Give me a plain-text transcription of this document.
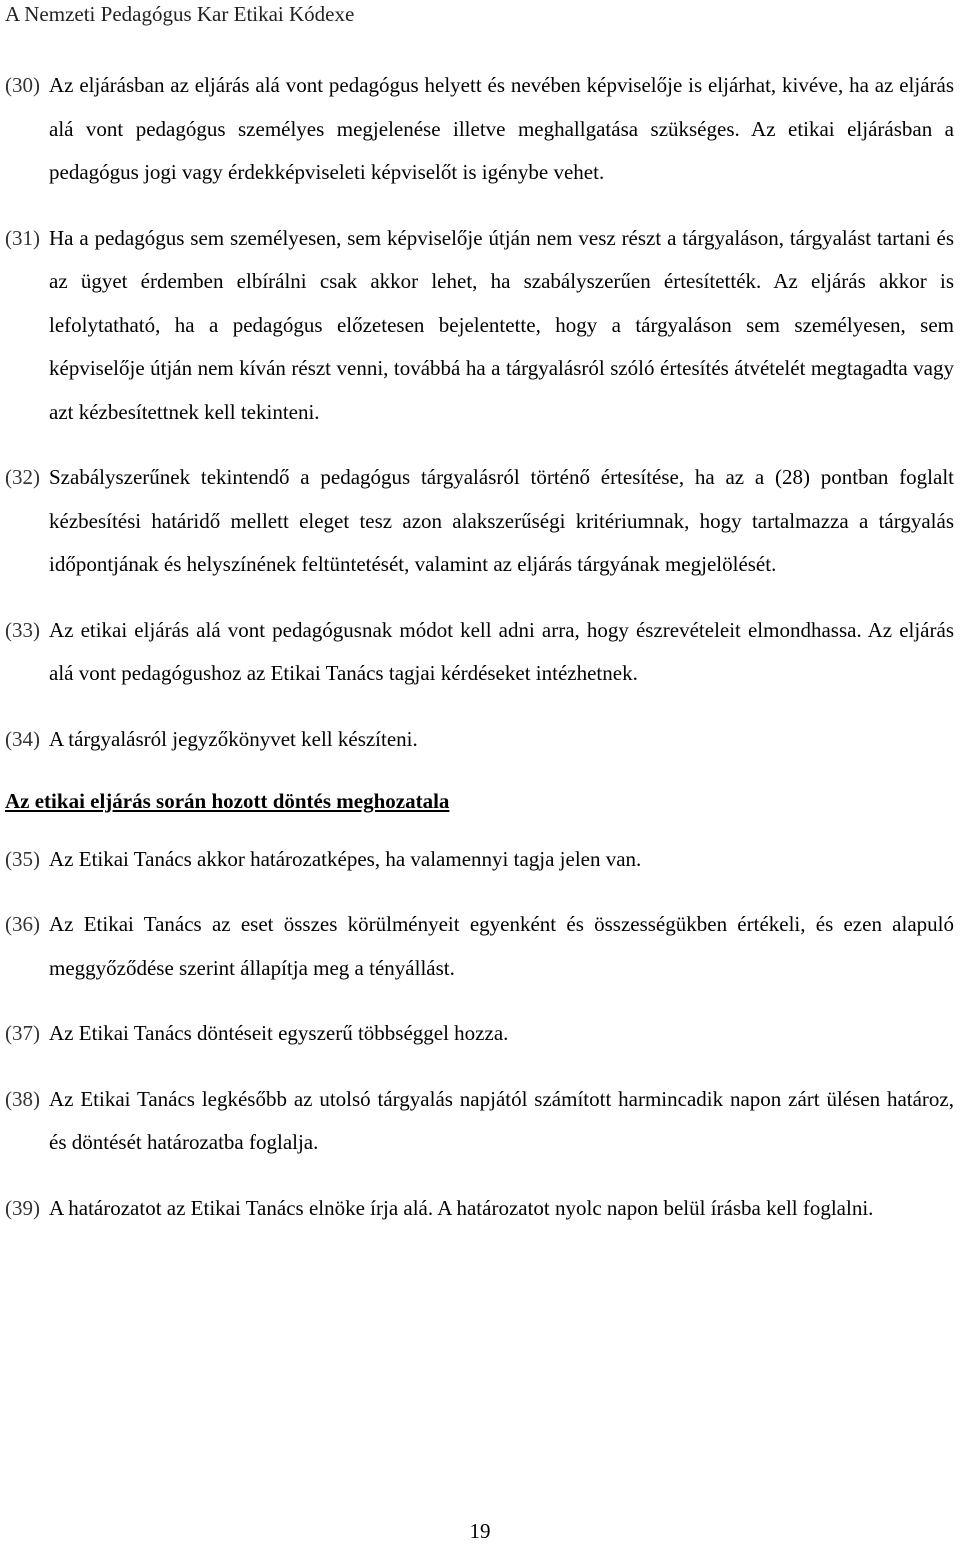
A Nemzeti Pedagógus Kar Etikai Kódexe
(30) Az eljárásban az eljárás alá vont pedagógus helyett és nevében képviselője is eljárhat, kivéve, ha az eljárás alá vont pedagógus személyes megjelenése illetve meghallgatása szükséges. Az etikai eljárásban a pedagógus jogi vagy érdekképviseleti képviselőt is igénybe vehet.
(31) Ha a pedagógus sem személyesen, sem képviselője útján nem vesz részt a tárgyaláson, tárgyalást tartani és az ügyet érdemben elbírálni csak akkor lehet, ha szabályszerűen értesítették. Az eljárás akkor is lefolytatható, ha a pedagógus előzetesen bejelentette, hogy a tárgyaláson sem személyesen, sem képviselője útján nem kíván részt venni, továbbá ha a tárgyalásról szóló értesítés átvételét megtagadta vagy azt kézbesítettnek kell tekinteni.
(32) Szabályszerűnek tekintendő a pedagógus tárgyalásról történő értesítése, ha az a (28) pontban foglalt kézbesítési határidő mellett eleget tesz azon alakszerűségi kritériumnak, hogy tartalmazza a tárgyalás időpontjának és helyszínének feltüntetését, valamint az eljárás tárgyának megjelölését.
(33) Az etikai eljárás alá vont pedagógusnak módot kell adni arra, hogy észrevételeit elmondhassa. Az eljárás alá vont pedagógushoz az Etikai Tanács tagjai kérdéseket intézhetnek.
(34) A tárgyalásról jegyzőkönyvet kell készíteni.
Az etikai eljárás során hozott döntés meghozatala
(35) Az Etikai Tanács akkor határozatképes, ha valamennyi tagja jelen van.
(36) Az Etikai Tanács az eset összes körülményeit egyenként és összességükben értékeli, és ezen alapuló meggyőződése szerint állapítja meg a tényállást.
(37) Az Etikai Tanács döntéseit egyszerű többséggel hozza.
(38) Az Etikai Tanács legkésőbb az utolsó tárgyalás napjától számított harmincadik napon zárt ülésen határoz, és döntését határozatba foglalja.
(39) A határozatot az Etikai Tanács elnöke írja alá. A határozatot nyolc napon belül írásba kell foglalni.
19
